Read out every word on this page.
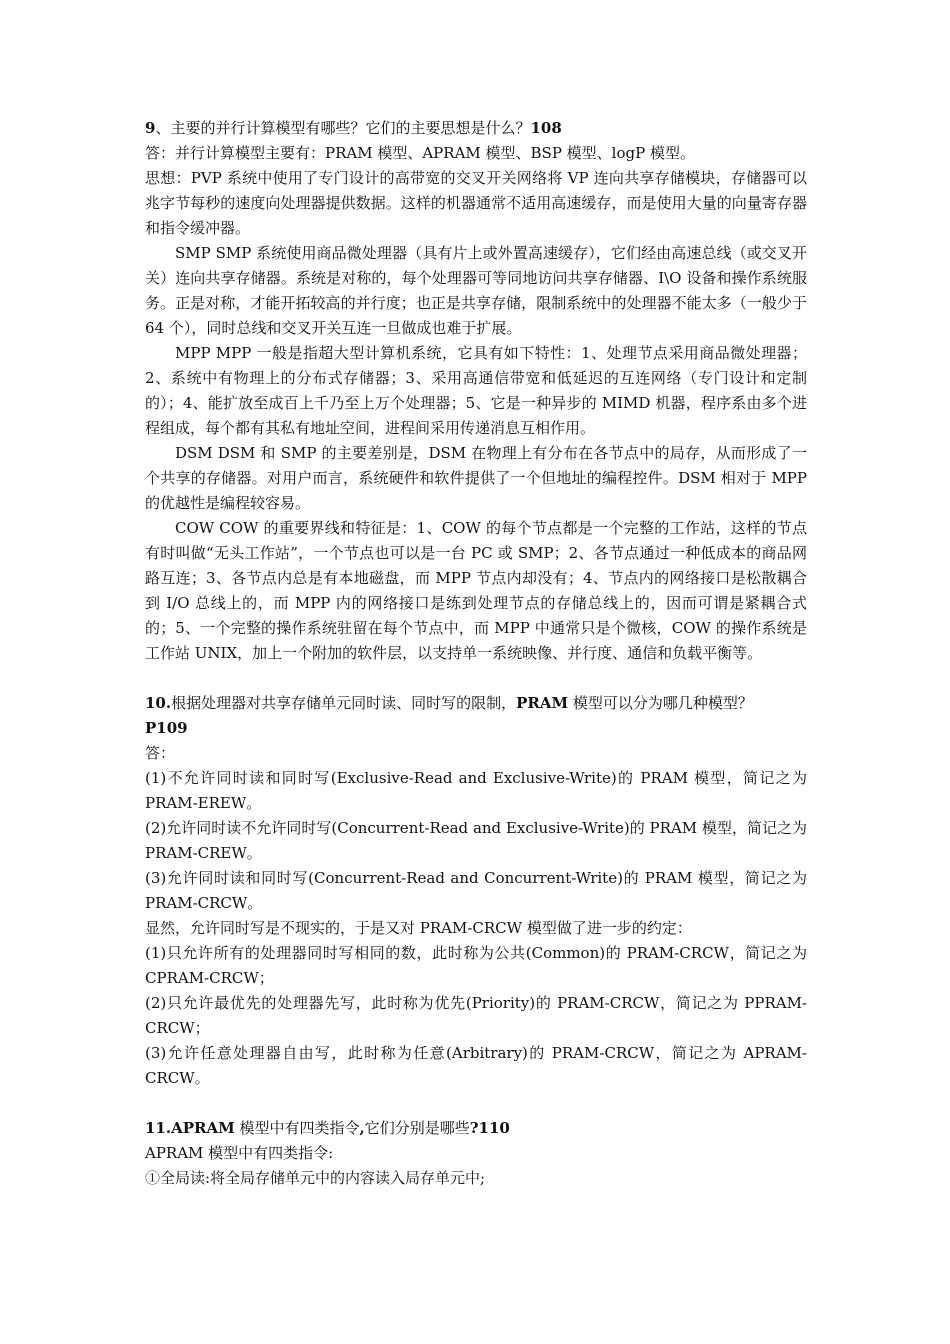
9、主要的并行计算模型有哪些？它们的主要思想是什么？108

答：并行计算模型主要有：PRAM 模型、APRAM 模型、BSP 模型、logP 模型。

思想：PVP 系统中使用了专门设计的高带宽的交叉开关网络将 VP 连向共享存储模块，存储器可以兆字节每秒的速度向处理器提供数据。这样的机器通常不适用高速缓存，而是使用大量的向量寄存器和指令缓冲器。

SMP SMP 系统使用商品微处理器（具有片上或外置高速缓存），它们经由高速总线（或交叉开关）连向共享存储器。系统是对称的，每个处理器可等同地访问共享存储器、I\O 设备和操作系统服务。正是对称，才能开拓较高的并行度；也正是共享存储，限制系统中的处理器不能太多（一般少于 64 个），同时总线和交叉开关互连一旦做成也难于扩展。

MPP MPP 一般是指超大型计算机系统，它具有如下特性：1、处理节点采用商品微处理器；2、系统中有物理上的分布式存储器；3、采用高通信带宽和低延迟的互连网络（专门设计和定制的）；4、能扩放至成百上千乃至上万个处理器；5、它是一种异步的 MIMD 机器，程序系由多个进程组成，每个都有其私有地址空间，进程间采用传递消息互相作用。

DSM DSM 和 SMP 的主要差别是，DSM 在物理上有分布在各节点中的局存，从而形成了一个共享的存储器。对用户而言，系统硬件和软件提供了一个但地址的编程控件。DSM 相对于 MPP 的优越性是编程较容易。

COW COW 的重要界线和特征是：1、COW 的每个节点都是一个完整的工作站，这样的节点有时叫做“无头工作站”，一个节点也可以是一台 PC 或 SMP；2、各节点通过一种低成本的商品网路互连；3、各节点内总是有本地磁盘，而 MPP 节点内却没有；4、节点内的网络接口是松散耦合到 I/O 总线上的，而 MPP 内的网络接口是练到处理节点的存储总线上的，因而可谓是紧耦合式的；5、一个完整的操作系统驻留在每个节点中，而 MPP 中通常只是个微核，COW 的操作系统是工作站 UNIX，加上一个附加的软件层，以支持单一系统映像、并行度、通信和负载平衡等。

10.根据处理器对共享存储单元同时读、同时写的限制，PRAM 模型可以分为哪几种模型？

P109

答：

(1)不允许同时读和同时写(Exclusive-Read and Exclusive-Write)的 PRAM 模型，简记之为 PRAM-EREW。

(2)允许同时读不允许同时写(Concurrent-Read and Exclusive-Write)的 PRAM 模型，简记之为 PRAM-CREW。

(3)允许同时读和同时写(Concurrent-Read and Concurrent-Write)的 PRAM 模型，简记之为 PRAM-CRCW。

显然，允许同时写是不现实的，于是又对 PRAM-CRCW 模型做了进一步的约定：

(1)只允许所有的处理器同时写相同的数，此时称为公共(Common)的 PRAM-CRCW，简记之为 CPRAM-CRCW；

(2)只允许最优先的处理器先写，此时称为优先(Priority)的 PRAM-CRCW，简记之为 PPRAM-CRCW；

(3)允许任意处理器自由写，此时称为任意(Arbitrary)的 PRAM-CRCW，简记之为 APRAM-CRCW。

11.APRAM 模型中有四类指令,它们分别是哪些?110

APRAM 模型中有四类指令:

①全局读:将全局存储单元中的内容读入局存单元中;
